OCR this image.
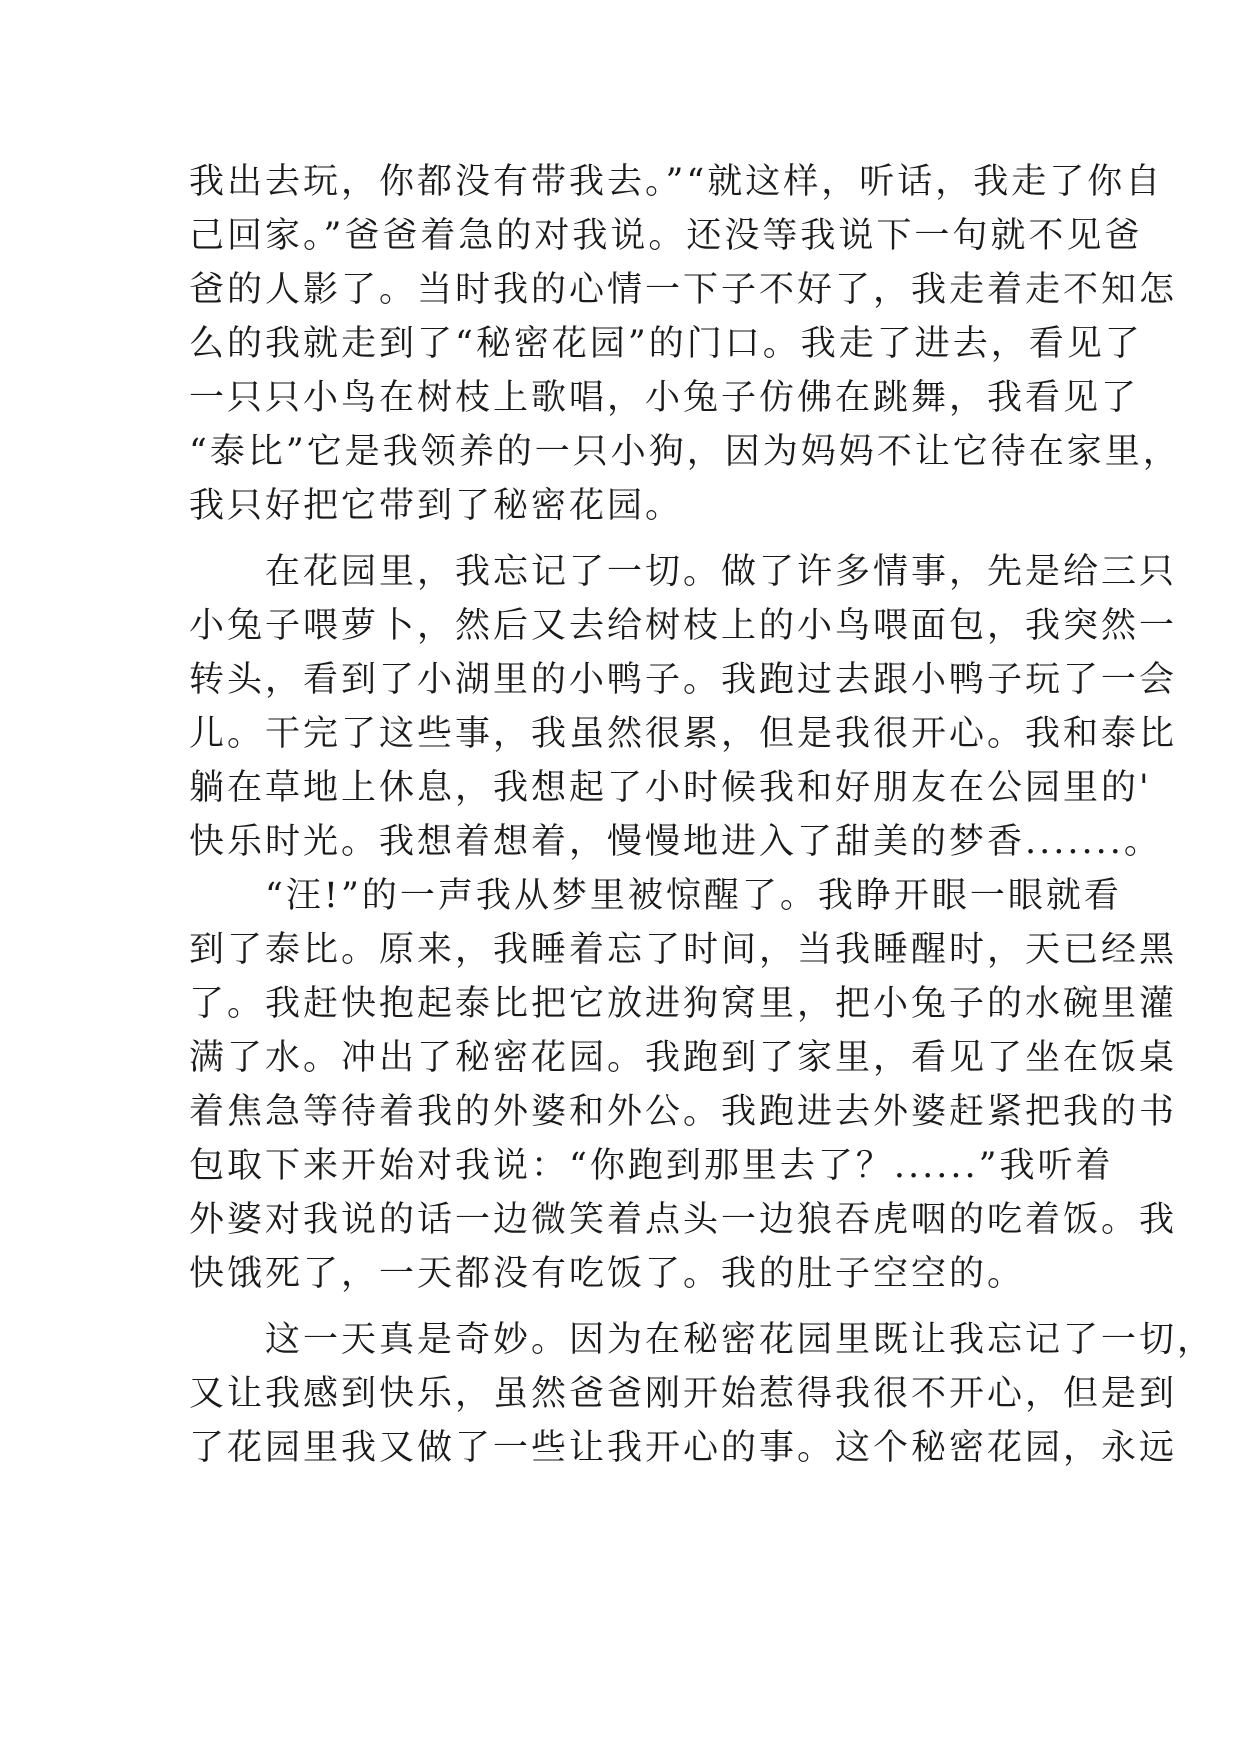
我出去玩，你都没有带我去。”“就这样，听话，我走了你自
己回家。”爸爸着急的对我说。还没等我说下一句就不见爸
爸的人影了。当时我的心情一下子不好了，我走着走不知怎
么的我就走到了“秘密花园”的门口。我走了进去，看见了
一只只小鸟在树枝上歌唱，小兔子仿佛在跳舞，我看见了
“泰比”它是我领养的一只小狗，因为妈妈不让它待在家里，
我只好把它带到了秘密花园。
在花园里，我忘记了一切。做了许多情事，先是给三只
小兔子喂萝卜，然后又去给树枝上的小鸟喂面包，我突然一
转头，看到了小湖里的小鸭子。我跑过去跟小鸭子玩了一会
儿。干完了这些事，我虽然很累，但是我很开心。我和泰比
躺在草地上休息，我想起了小时候我和好朋友在公园里的'
快乐时光。我想着想着，慢慢地进入了甜美的梦香.......。
“汪!”的一声我从梦里被惊醒了。我睁开眼一眼就看
到了泰比。原来，我睡着忘了时间，当我睡醒时，天已经黑
了。我赶快抱起泰比把它放进狗窝里，把小兔子的水碗里灌
满了水。冲出了秘密花园。我跑到了家里，看见了坐在饭桌
着焦急等待着我的外婆和外公。我跑进去外婆赶紧把我的书
包取下来开始对我说：“你跑到那里去了？......”我听着
外婆对我说的话一边微笑着点头一边狼吞虎咽的吃着饭。我
快饿死了，一天都没有吃饭了。我的肚子空空的。
这一天真是奇妙。因为在秘密花园里既让我忘记了一切，
又让我感到快乐，虽然爸爸刚开始惹得我很不开心，但是到
了花园里我又做了一些让我开心的事。这个秘密花园，永远
